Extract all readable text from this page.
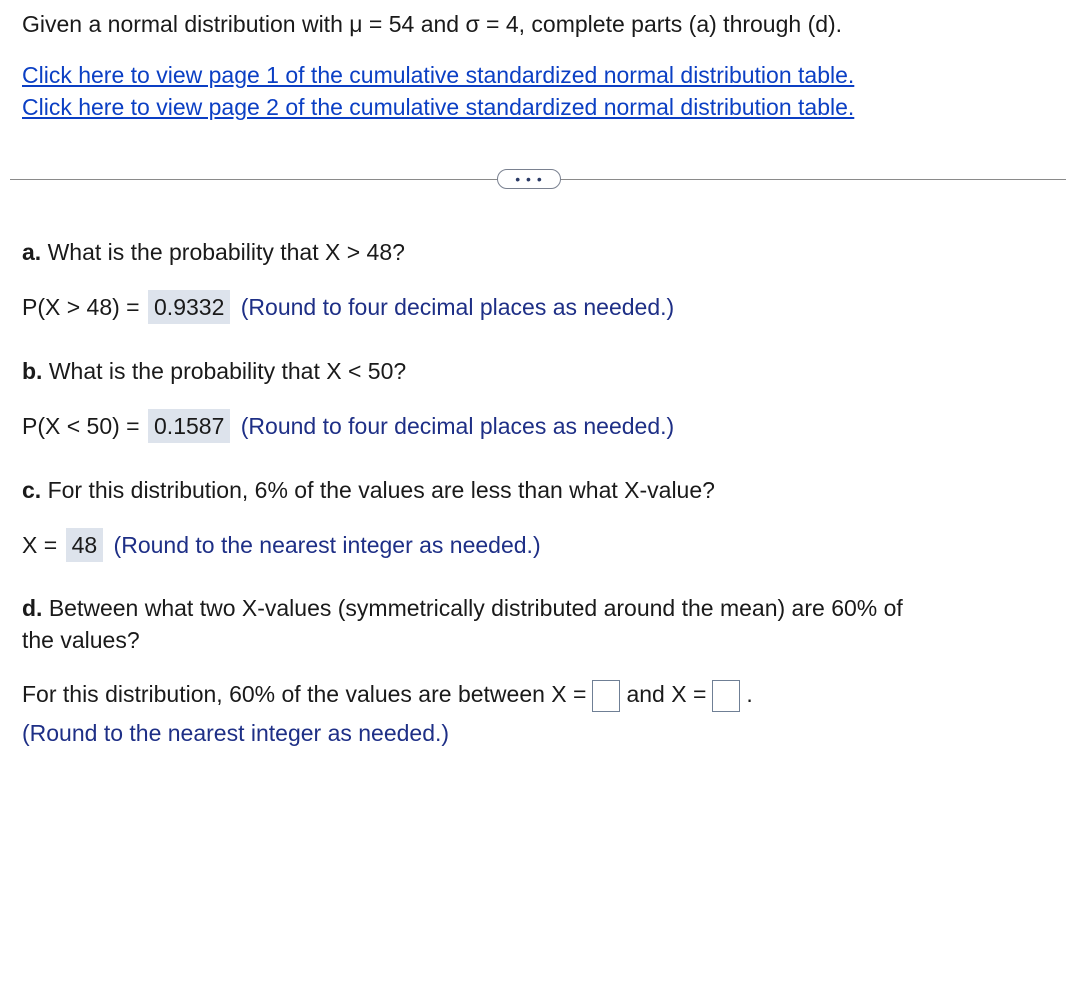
Given a normal distribution with μ = 54 and σ = 4, complete parts (a) through (d).
Click here to view page 1 of the cumulative standardized normal distribution table.
Click here to view page 2 of the cumulative standardized normal distribution table.
• • •
a. What is the probability that X > 48?
P(X > 48) = 0.9332 (Round to four decimal places as needed.)
b. What is the probability that X < 50?
P(X < 50) = 0.1587 (Round to four decimal places as needed.)
c. For this distribution, 6% of the values are less than what X-value?
X = 48 (Round to the nearest integer as needed.)
d. Between what two X-values (symmetrically distributed around the mean) are 60% of
the values?
For this distribution, 60% of the values are between X = and X = .
(Round to the nearest integer as needed.)
